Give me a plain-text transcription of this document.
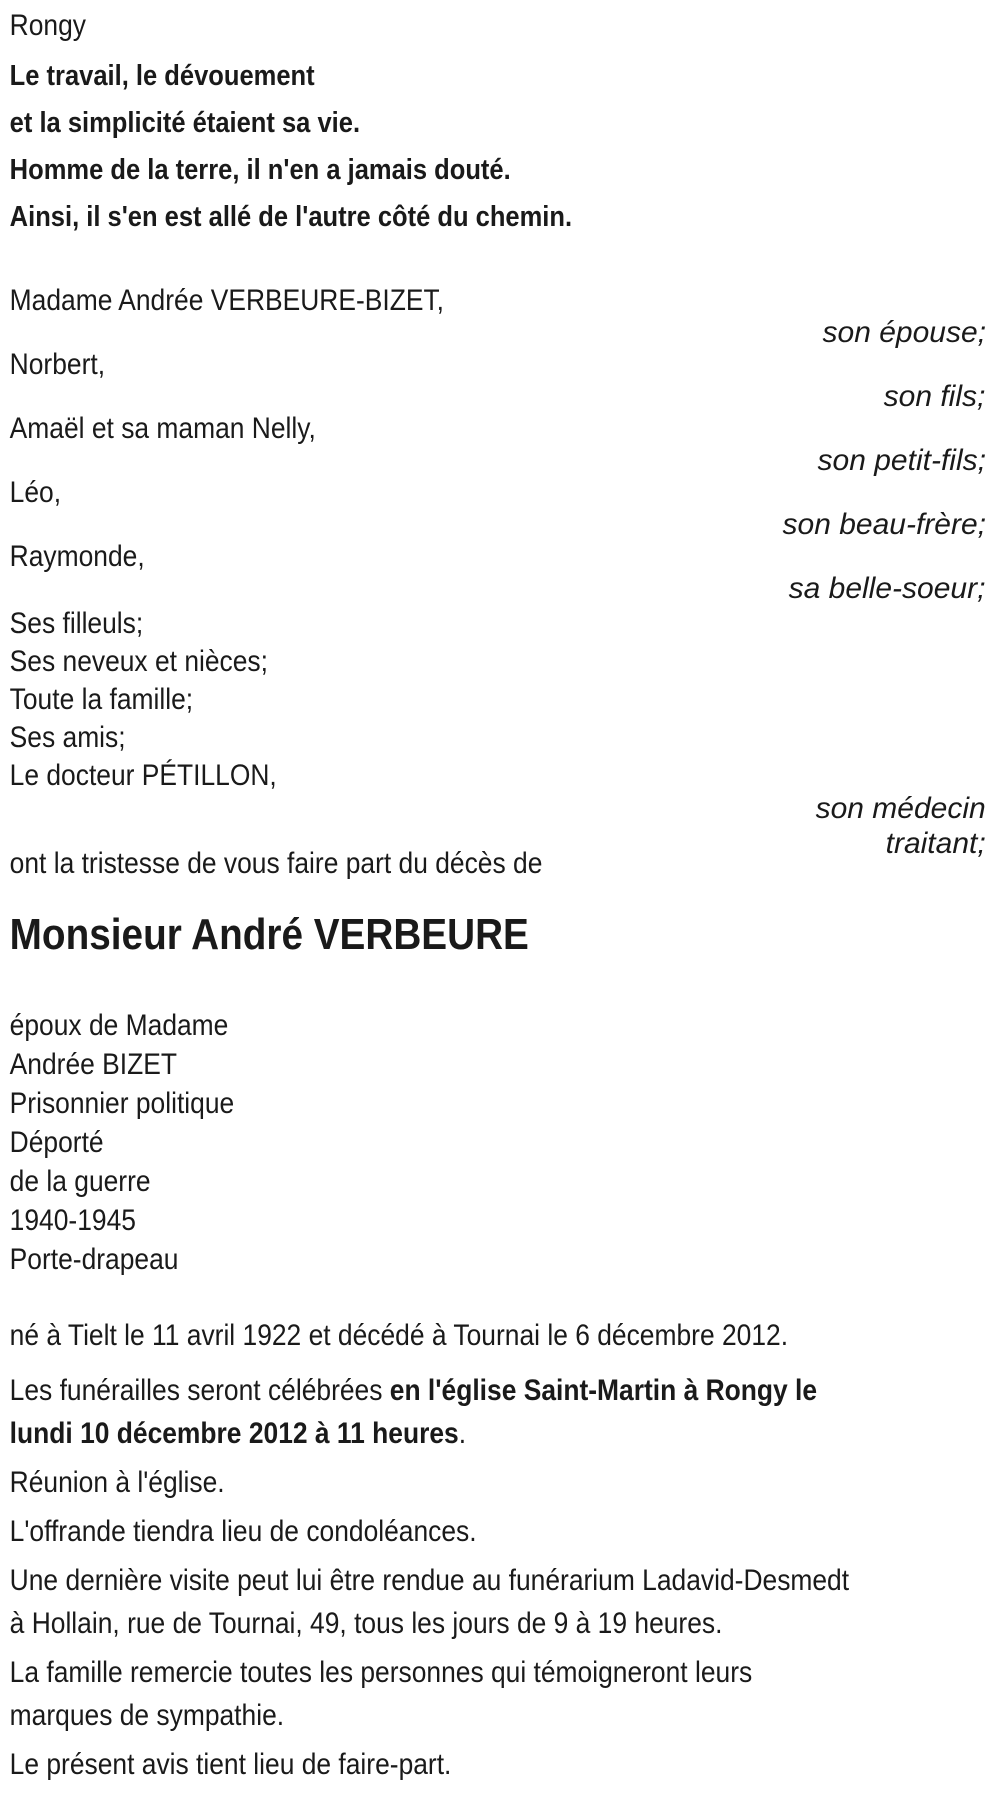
Rongy

Le travail, le dévouement

et la simplicité étaient sa vie.

Homme de la terre, il n'en a jamais douté.

Ainsi, il s'en est allé de l'autre côté du chemin.

Madame Andrée VERBEURE-BIZET,
son épouse;
Norbert,
son fils;
Amaël et sa maman Nelly,
son petit-fils;
Léo,
son beau-frère;
Raymonde,
sa belle-soeur;
Ses filleuls;
Ses neveux et nièces;
Toute la famille;
Ses amis;
Le docteur PÉTILLON,
son médecin
traitant;

ont la tristesse de vous faire part du décès de

Monsieur André VERBEURE
époux de Madame
Andrée BIZET
Prisonnier politique
Déporté
de la guerre
1940-1945
Porte-drapeau

né à Tielt le 11 avril 1922 et décédé à Tournai le 6 décembre 2012.

Les funérailles seront célébrées en l'église Saint-Martin à Rongy le
lundi 10 décembre 2012 à 11 heures.

Réunion à l'église.

L'offrande tiendra lieu de condoléances.

Une dernière visite peut lui être rendue au funérarium Ladavid-Desmedt
à Hollain, rue de Tournai, 49, tous les jours de 9 à 19 heures.

La famille remercie toutes les personnes qui témoigneront leurs
marques de sympathie.

Le présent avis tient lieu de faire-part.
